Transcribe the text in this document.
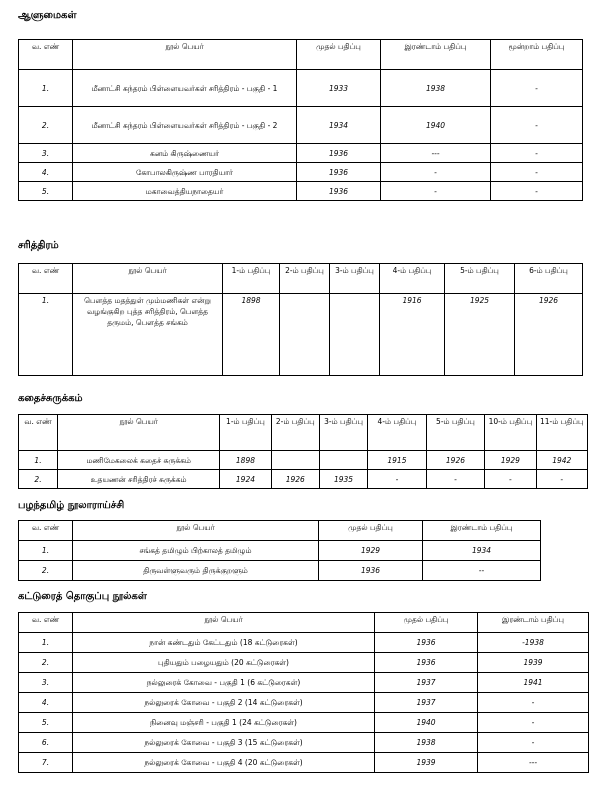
ஆளுமைகள்
வ. எண்	நூல் பெயர்	முதல் பதிப்பு	இரண்டாம் பதிப்பு	மூன்றாம் பதிப்பு
1.	மீனாட்சி சுந்தரம் பிள்ளையவர்கள் சரித்திரம் - பகுதி - 1	1933	1938	-
2.	மீனாட்சி சுந்தரம் பிள்ளையவர்கள் சரித்திரம் - பகுதி - 2	1934	1940	-
3.	கனம் கிருஷ்ணையர்	1936	---	-
4.	கோபாலகிருஷ்ண பாரதியார்	1936	-	-
5.	மகாவைத்தியநாதையர்	1936	-	-
சரித்திரம்
வ. எண்	நூல் பெயர்	1-ம் பதிப்பு	2-ம் பதிப்பு	3-ம் பதிப்பு	4-ம் பதிப்பு	5-ம் பதிப்பு	6-ம் பதிப்பு
1.	பௌத்த மதத்துள் மும்மணிகள் என்று வழங்குகிற புத்த சரித்திரம், பௌத்த தருமம், பௌத்த சங்கம்	1898			1916	1925	1926
கதைச்சுருக்கம்
வ. எண்	நூல் பெயர்	1-ம் பதிப்பு	2-ம் பதிப்பு	3-ம் பதிப்பு	4-ம் பதிப்பு	5-ம் பதிப்பு	10-ம் பதிப்பு	11-ம் பதிப்பு
1.	மணிமேகலைக் கதைச் சுருக்கம்	1898			1915	1926	1929	1942
2.	உதயணன் சரித்திரச் சுருக்கம்	1924	1926	1935	-	-	-	-
பழந்தமிழ் நூலாராய்ச்சி
வ. எண்	நூல் பெயர்	முதல் பதிப்பு	இரண்டாம் பதிப்பு
1.	சங்கத் தமிழும் பிற்காலத் தமிழும்	1929	1934
2.	திருவள்ளுவரும் திருக்குறளும்	1936	--
கட்டுரைத் தொகுப்பு நூல்கள்
வ. எண்	நூல் பெயர்	முதல் பதிப்பு	இரண்டாம் பதிப்பு
1.	நான் கண்டதும் கேட்டதும் (18 கட்டுரைகள்)	1936	-1938
2.	புதியதும் பழையதும் (20 கட்டுரைகள்)	1936	1939
3.	நல்லுரைக் கோவை - பகுதி 1 (6 கட்டுரைகள்)	1937	1941
4.	நல்லுரைக் கோவை - பகுதி 2 (14 கட்டுரைகள்)	1937	-
5.	நினைவு மஞ்சரி - பகுதி 1 (24 கட்டுரைகள்)	1940	-
6.	நல்லுரைக் கோவை - பகுதி 3 (15 கட்டுரைகள்)	1938	-
7.	நல்லுரைக் கோவை - பகுதி 4 (20 கட்டுரைகள்)	1939	---
